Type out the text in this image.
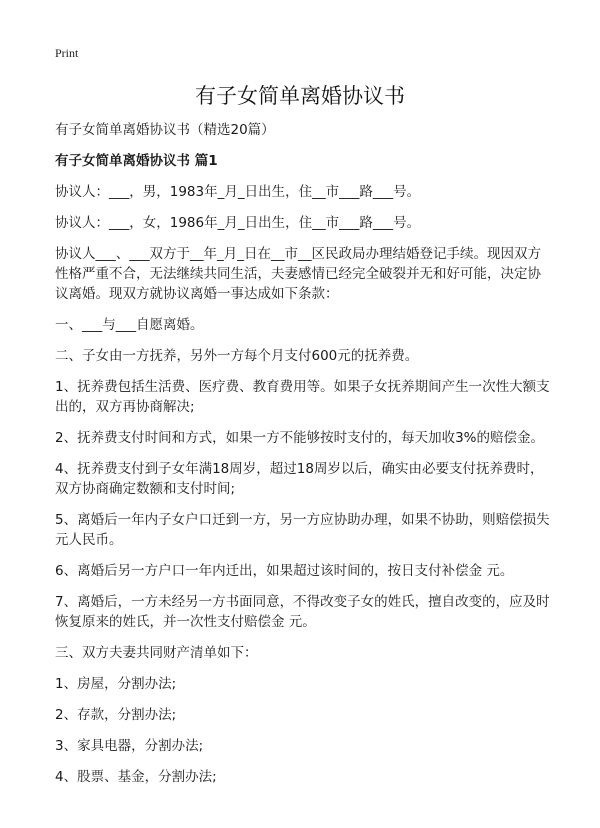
Print
有子女简单离婚协议书

有子女简单离婚协议书（精选20篇）

有子女简单离婚协议书 篇1

协议人：___，男，1983年_月_日出生，住__市___路___号。

协议人：___，女，1986年_月_日出生，住__市___路___号。

协议人___、___双方于__年_月_日在__市__区民政局办理结婚登记手续。现因双方性格严重不合，无法继续共同生活，夫妻感情已经完全破裂并无和好可能，决定协议离婚。现双方就协议离婚一事达成如下条款：

一、___与___自愿离婚。

二、子女由一方抚养，另外一方每个月支付600元的抚养费。

1、抚养费包括生活费、医疗费、教育费用等。如果子女抚养期间产生一次性大额支出的，双方再协商解决;

2、抚养费支付时间和方式，如果一方不能够按时支付的，每天加收3%的赔偿金。

4、抚养费支付到子女年满18周岁，超过18周岁以后，确实由必要支付抚养费时，双方协商确定数额和支付时间;

5、离婚后一年内子女户口迁到一方，另一方应协助办理，如果不协助，则赔偿损失 元人民币。

6、离婚后另一方户口一年内迁出，如果超过该时间的，按日支付补偿金 元。

7、离婚后，一方未经另一方书面同意，不得改变子女的姓氏，擅自改变的，应及时恢复原来的姓氏，并一次性支付赔偿金 元。

三、双方夫妻共同财产清单如下：

1、房屋，分割办法;

2、存款，分割办法;

3、家具电器，分割办法;

4、股票、基金，分割办法;
